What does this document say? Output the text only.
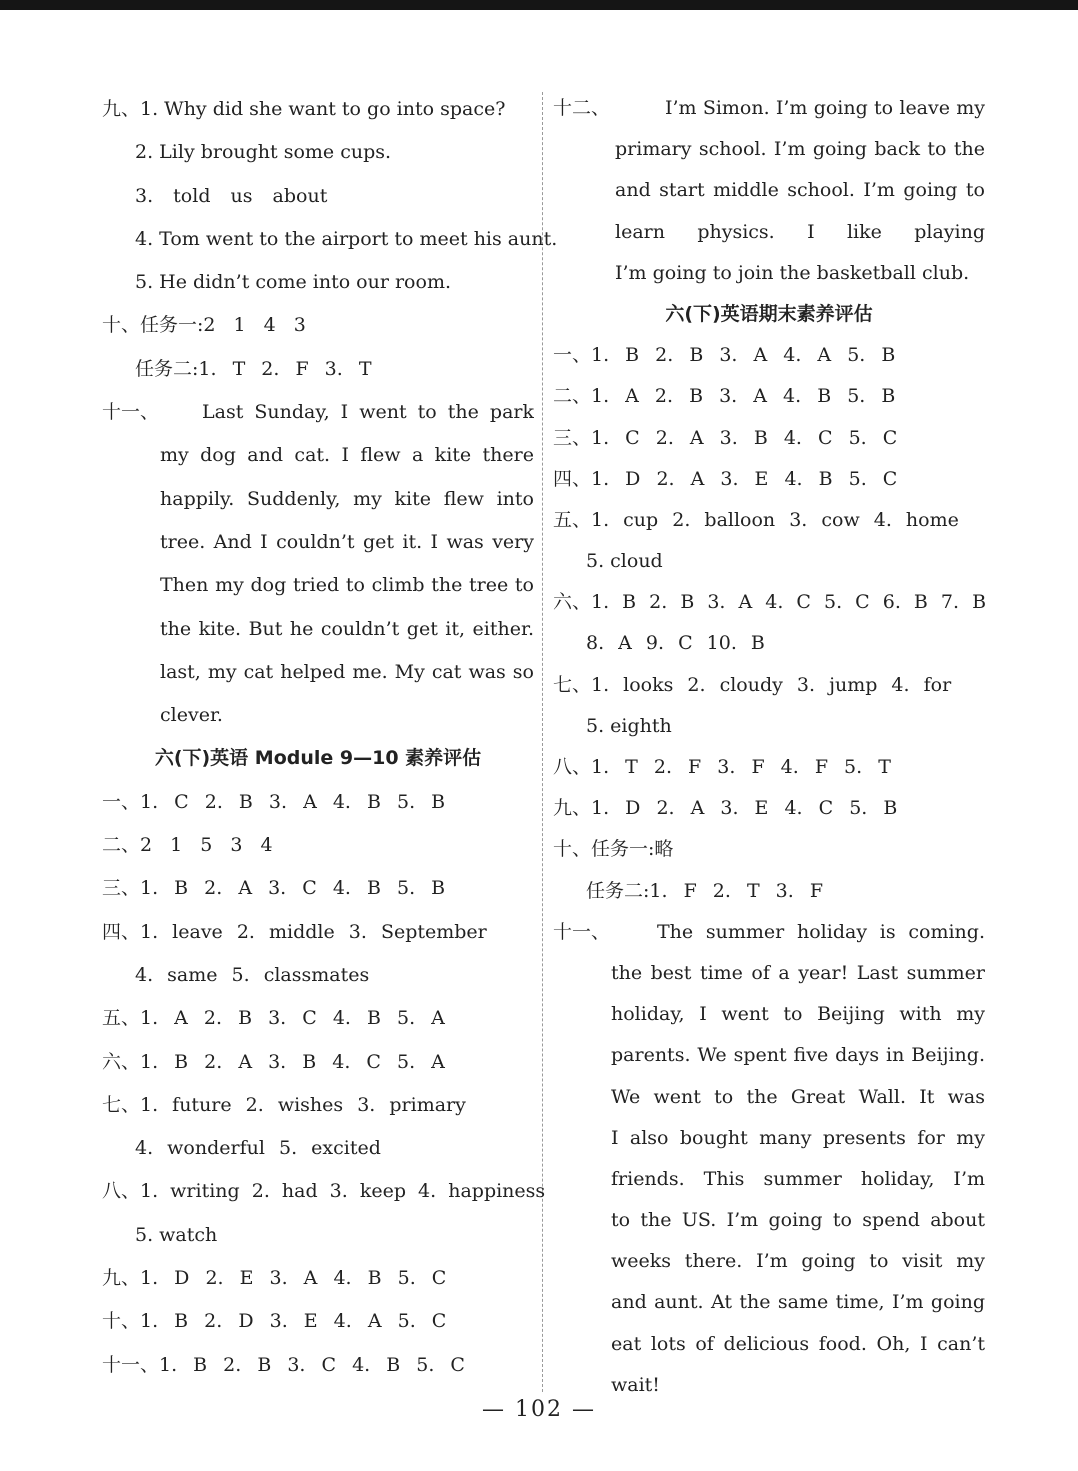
九、1. Why did she want to go into space?
2. Lily brought some cups.
3. told us about
4. Tom went to the airport to meet his aunt.
5. He didn’t come into our room.
十、任务一:2 1 4 3
任务二:1. T 2. F 3. T
十一、	Last Sunday, I went to the park
my dog and cat. I flew a kite there
happily. Suddenly, my kite flew into
tree. And I couldn’t get it. I was very
Then my dog tried to climb the tree to
the kite. But he couldn’t get it, either.
last, my cat helped me. My cat was so
clever.
六(下)英语 Module 9—10 素养评估
一、1. C 2. B 3. A 4. B 5. B
二、2 1 5 3 4
三、1. B 2. A 3. C 4. B 5. B
四、1. leave 2. middle 3. September
4. same 5. classmates
五、1. A 2. B 3. C 4. B 5. A
六、1. B 2. A 3. B 4. C 5. A
七、1. future 2. wishes 3. primary
4. wonderful 5. excited
八、1. writing 2. had 3. keep 4. happiness
5. watch
九、1. D 2. E 3. A 4. B 5. C
十、1. B 2. D 3. E 4. A 5. C
十一、1. B 2. B 3. C 4. B 5. C
十二、	I’m Simon. I’m going to leave my
primary school. I’m going back to the
and start middle school. I’m going to
learn physics. I like playing
I’m going to join the basketball club.
六(下)英语期末素养评估
一、1. B 2. B 3. A 4. A 5. B
二、1. A 2. B 3. A 4. B 5. B
三、1. C 2. A 3. B 4. C 5. C
四、1. D 2. A 3. E 4. B 5. C
五、1. cup 2. balloon 3. cow 4. home
5. cloud
六、1. B 2. B 3. A 4. C 5. C 6. B 7. B
8. A 9. C 10. B
七、1. looks 2. cloudy 3. jump 4. for
5. eighth
八、1. T 2. F 3. F 4. F 5. T
九、1. D 2. A 3. E 4. C 5. B
十、任务一:略
任务二:1. F 2. T 3. F
十一、	The summer holiday is coming.
the best time of a year! Last summer
holiday, I went to Beijing with my
parents. We spent five days in Beijing.
We went to the Great Wall. It was
I also bought many presents for my
friends. This summer holiday, I’m
to the US. I’m going to spend about
weeks there. I’m going to visit my
and aunt. At the same time, I’m going
eat lots of delicious food. Oh, I can’t
wait!
— 102 —
